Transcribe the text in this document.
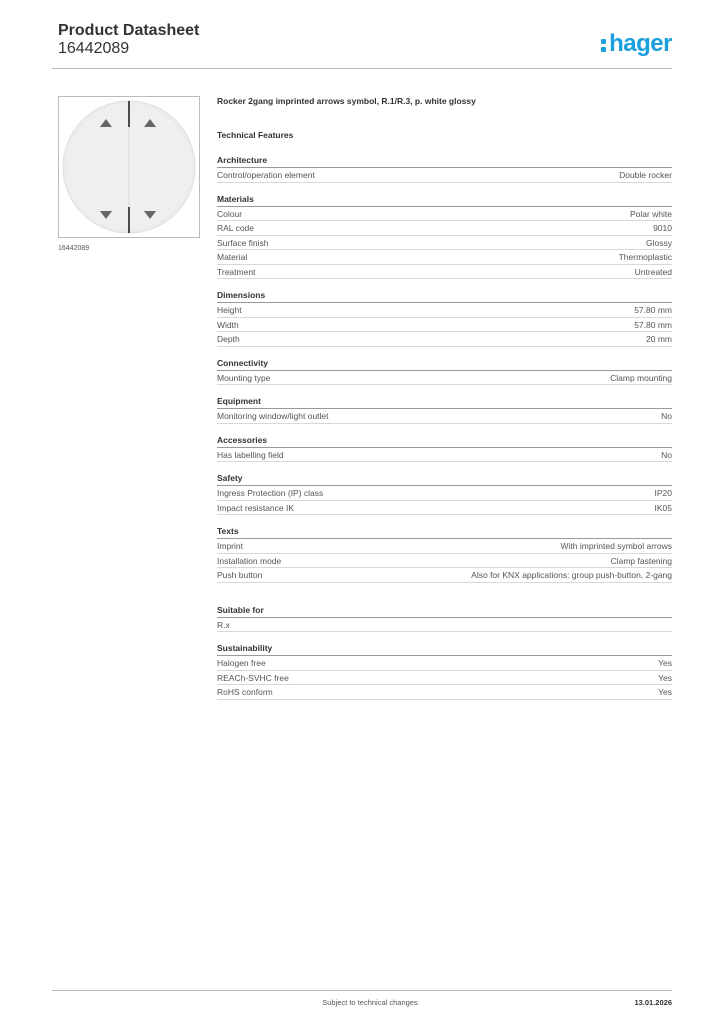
Product Datasheet
16442089	hager
16442089
Rocker 2gang imprinted arrows symbol, R.1/R.3, p. white glossy
Technical Features
Architecture
Control/operation element	Double rocker
Materials
Colour	Polar white
RAL code	9010
Surface finish	Glossy
Material	Thermoplastic
Treatment	Untreated
Dimensions
Height	57.80 mm
Width	57.80 mm
Depth	20 mm
Connectivity
Mounting type	Clamp mounting
Equipment
Monitoring window/light outlet	No
Accessories
Has labelling field	No
Safety
Ingress Protection (IP) class	IP20
Impact resistance IK	IK05
Texts
Imprint	With imprinted symbol arrows
Installation mode	Clamp fastening
Push button	Also for KNX applications: group push-button, 2-gang
Suitable for
R.x
Sustainability
Halogen free	Yes
REACh-SVHC free	Yes
RoHS conform	Yes
Subject to technical changes	13.01.2026
